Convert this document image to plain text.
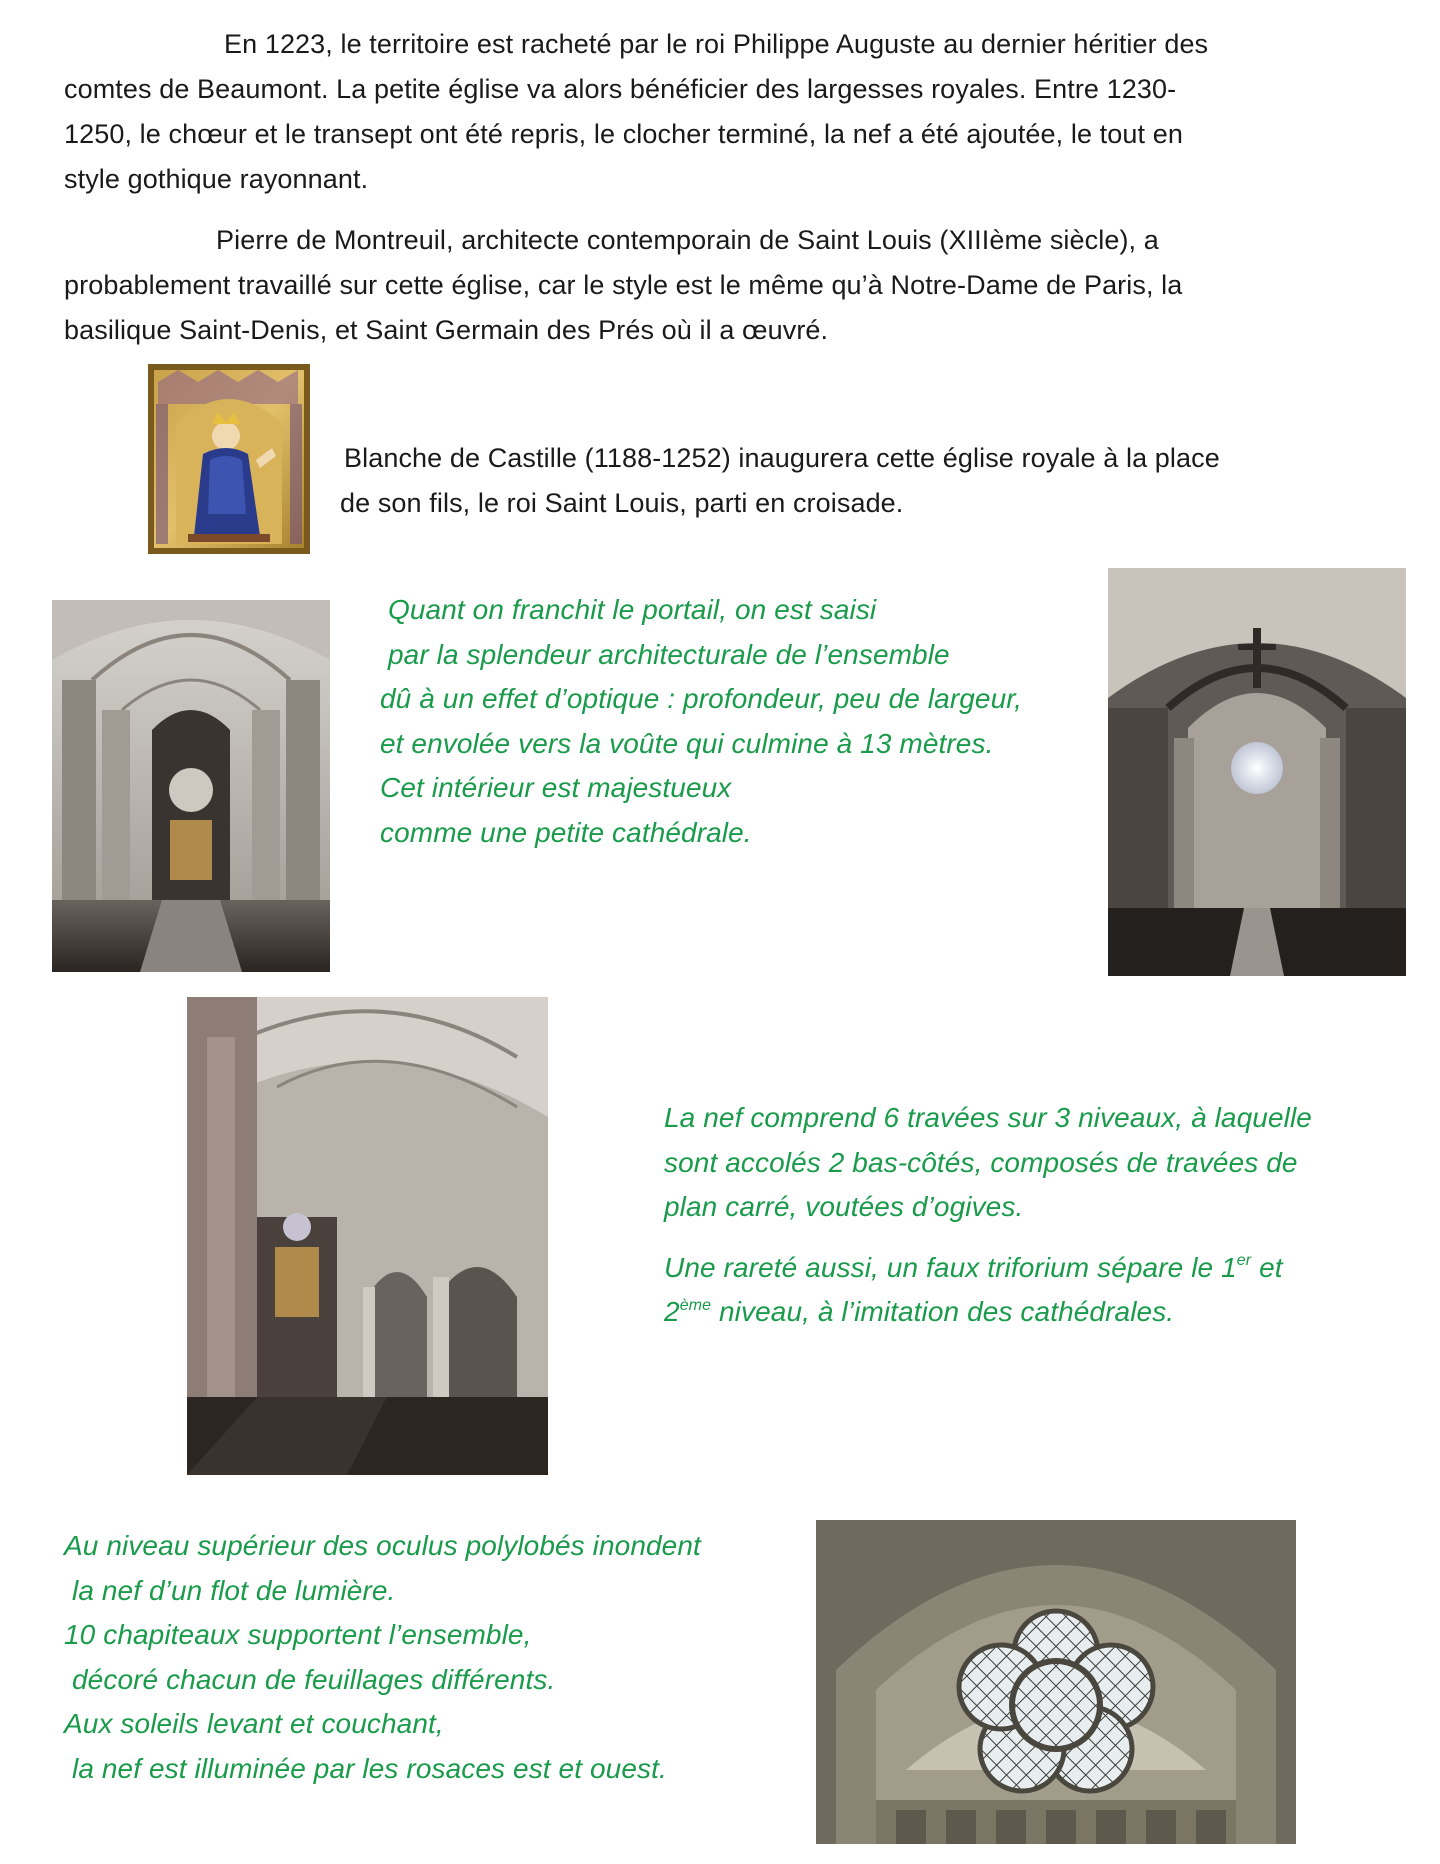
En 1223, le territoire est racheté par le roi Philippe Auguste au dernier héritier des
comtes de Beaumont. La petite église va alors bénéficier des largesses royales. Entre 1230-
1250, le chœur et le transept ont été repris, le clocher terminé, la nef a été ajoutée, le tout en
style gothique rayonnant.
Pierre de Montreuil, architecte contemporain de Saint Louis (XIIIème siècle), a
probablement travaillé sur cette église, car le style est le même qu’à Notre-Dame de Paris, la
basilique Saint-Denis, et Saint Germain des Prés où il a œuvré.
Blanche de Castille (1188-1252) inaugurera cette église royale à la place
de son fils, le roi Saint Louis, parti en croisade.
Quant on franchit le portail, on est saisi
par la splendeur architecturale de l’ensemble
dû à un effet d’optique : profondeur, peu de largeur,
et envolée vers la voûte qui culmine à 13 mètres.
Cet intérieur est majestueux
comme une petite cathédrale.
La nef comprend 6 travées sur 3 niveaux, à laquelle
sont accolés 2 bas-côtés, composés de travées de
plan carré, voutées d’ogives.
Une rareté aussi, un faux triforium sépare le 1er et
2ème niveau, à l’imitation des cathédrales.
Au niveau supérieur des oculus polylobés inondent
la nef d’un flot de lumière.
10 chapiteaux supportent l’ensemble,
décoré chacun de feuillages différents.
Aux soleils levant et couchant,
la nef est illuminée par les rosaces est et ouest.
